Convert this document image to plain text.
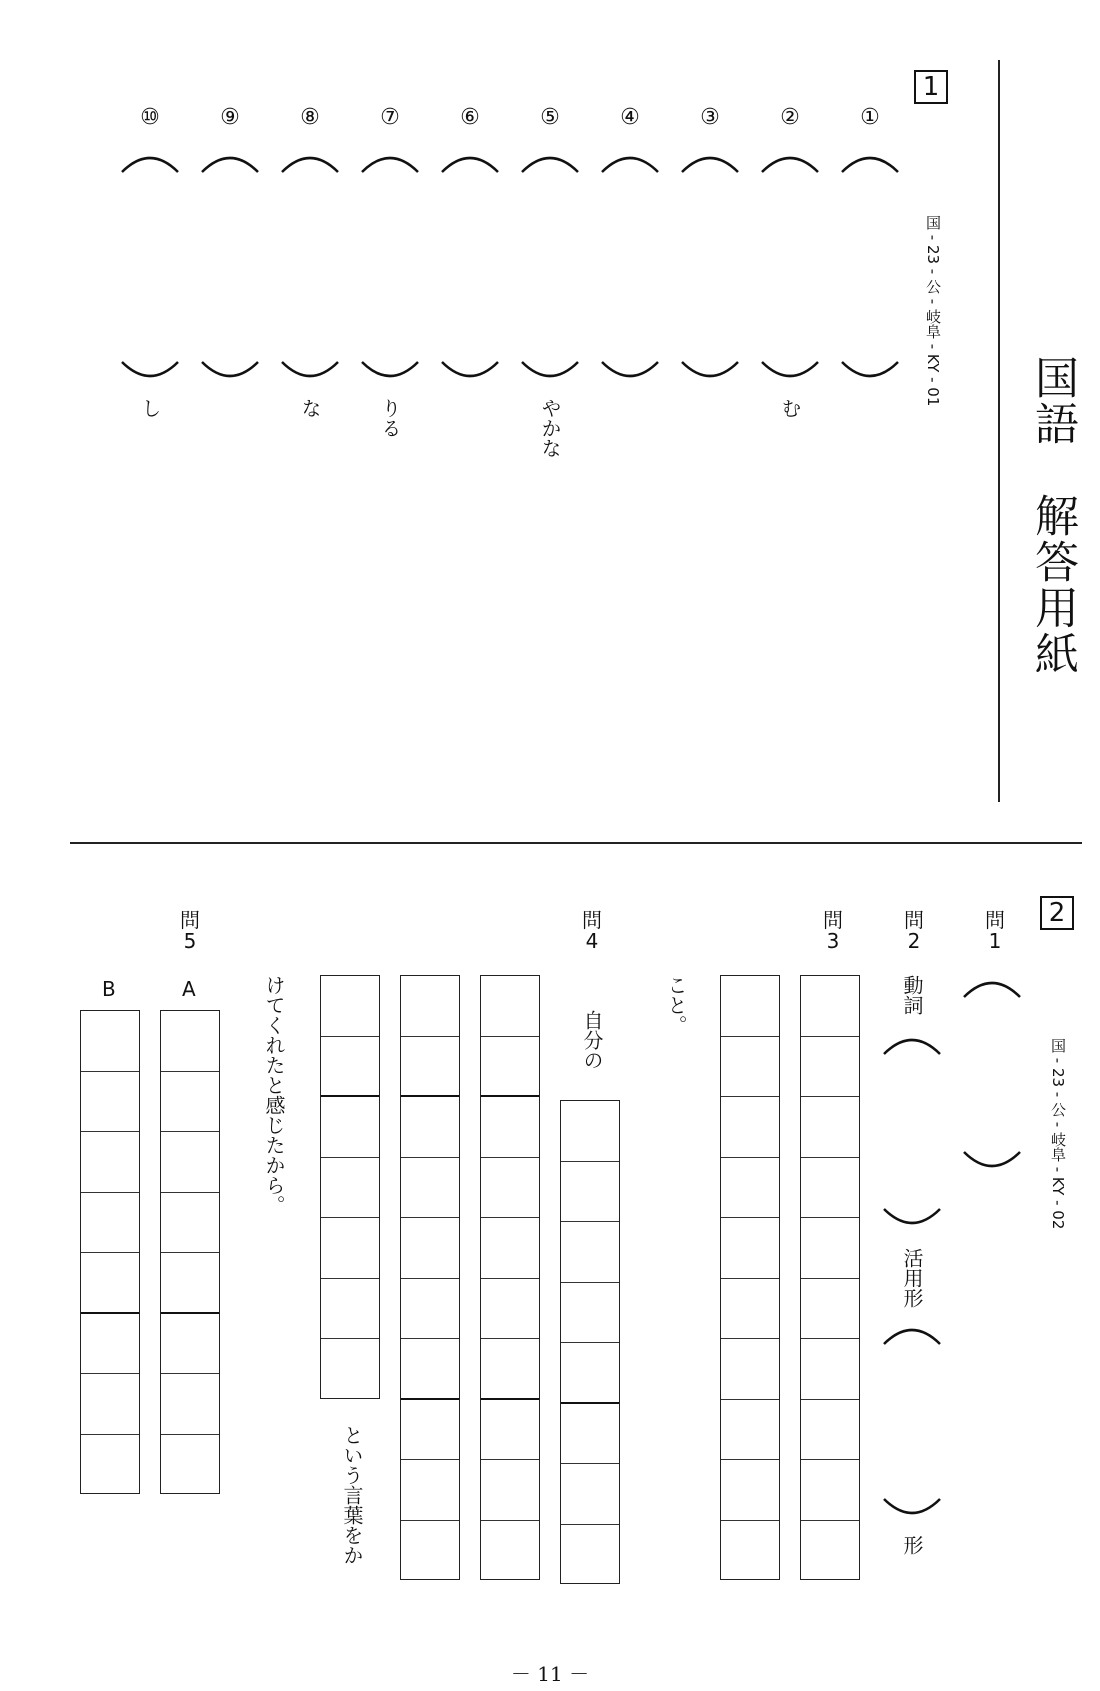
国語　解答用紙
1
国 - 23 - 公 - 岐阜 - KY - 01
2
国 - 23 - 公 - 岐阜 - KY - 02
問
1
問
2
問
3
問
4
問
5
動詞
活用形
形
こと。
自分の
という言葉をか
けてくれたと感じたから。
A
B
－ 11 －
①
②
む
③
④
⑤
やかな
⑥
⑦
りる
⑧
な
⑨
⑩
し
